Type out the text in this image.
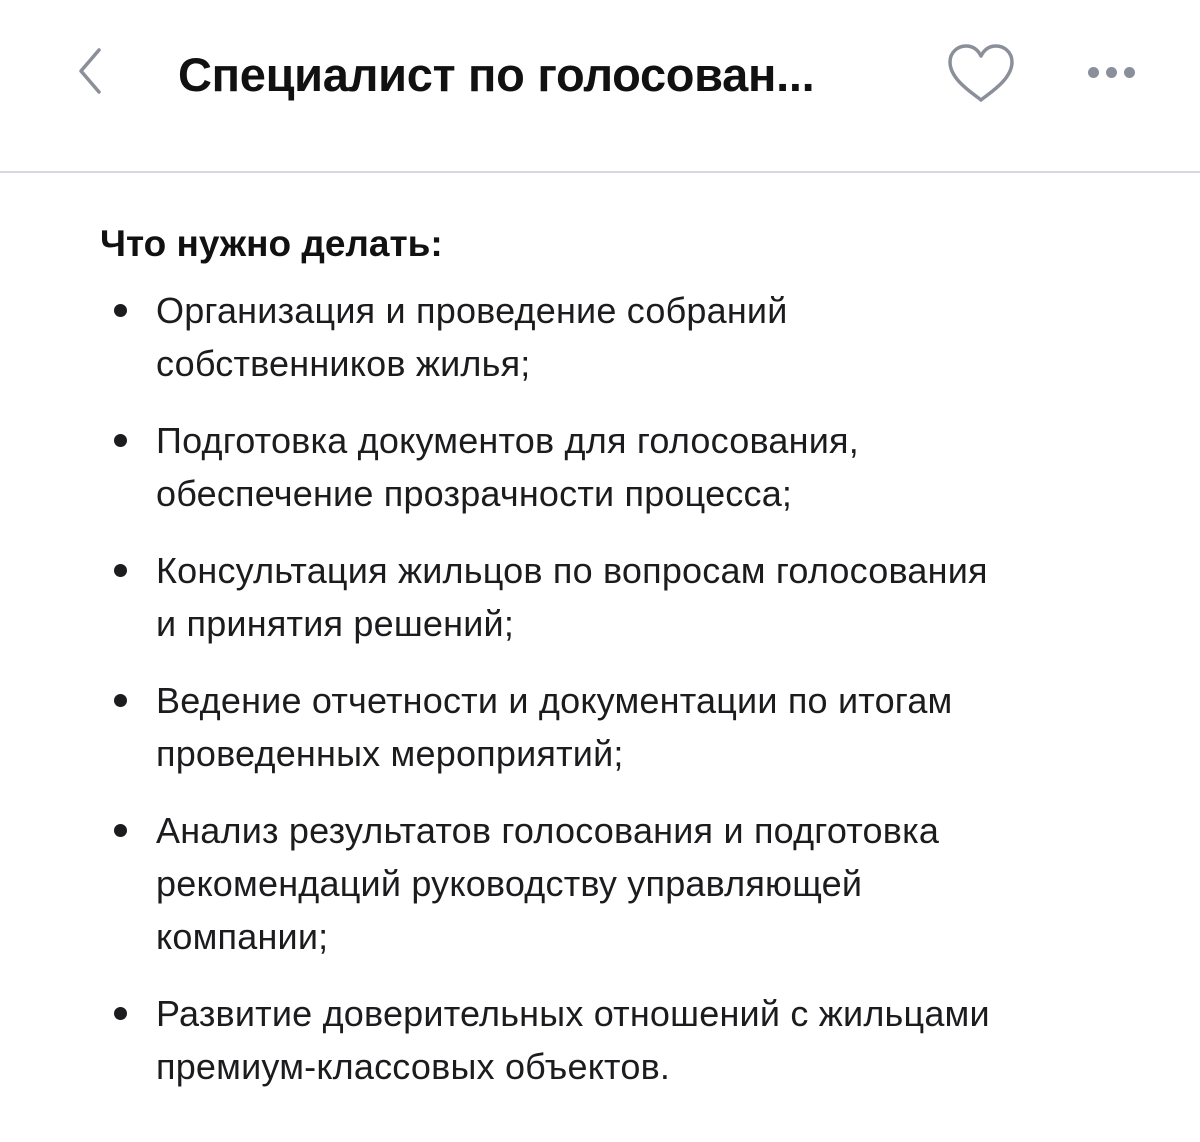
Специалист по голосован...
Что нужно делать:
Организация и проведение собраний
собственников жилья;
Подготовка документов для голосования,
обеспечение прозрачности процесса;
Консультация жильцов по вопросам голосования
и принятия решений;
Ведение отчетности и документации по итогам
проведенных мероприятий;
Анализ результатов голосования и подготовка
рекомендаций руководству управляющей
компании;
Развитие доверительных отношений с жильцами
премиум-классовых объектов.
